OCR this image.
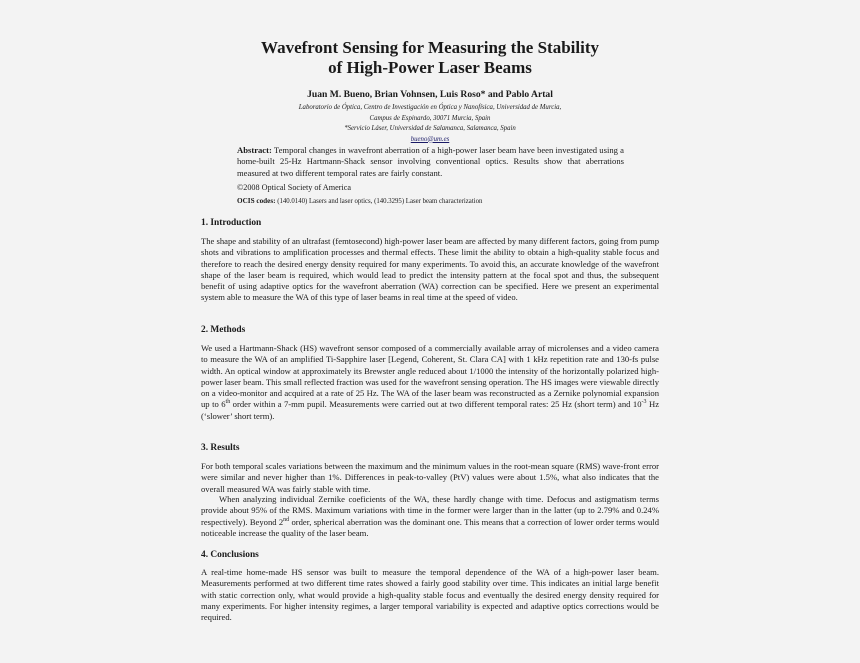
Wavefront Sensing for Measuring the Stability
of High-Power Laser Beams
Juan M. Bueno, Brian Vohnsen, Luis Roso* and Pablo Artal
Laboratorio de Óptica, Centro de Investigación en Óptica y Nanofísica, Universidad de Murcia,
Campus de Espinardo, 30071 Murcia, Spain
*Servicio Láser, Universidad de Salamanca, Salamanca, Spain
bueno@um.es
Abstract: Temporal changes in wavefront aberration of a high-power laser beam have been investigated using a home-built 25-Hz Hartmann-Shack sensor involving conventional optics. Results show that aberrations measured at two different temporal rates are fairly constant.
©2008 Optical Society of America
OCIS codes: (140.0140) Lasers and laser optics, (140.3295) Laser beam characterization
1. Introduction
The shape and stability of an ultrafast (femtosecond) high-power laser beam are affected by many different factors, going from pump shots and vibrations to amplification processes and thermal effects. These limit the ability to obtain a high-quality stable focus and therefore to reach the desired energy density required for many experiments. To avoid this, an accurate knowledge of the wavefront shape of the laser beam is required, which would lead to predict the intensity pattern at the focal spot and thus, the subsequent benefit of using adaptive optics for the wavefront aberration (WA) correction can be specified. Here we present an experimental system able to measure the WA of this type of laser beams in real time at the speed of video.
2. Methods
We used a Hartmann-Shack (HS) wavefront sensor composed of a commercially available array of microlenses and a video camera to measure the WA of an amplified Ti-Sapphire laser [Legend, Coherent, St. Clara CA] with 1 kHz repetition rate and 130-fs pulse width. An optical window at approximately its Brewster angle reduced about 1/1000 the intensity of the horizontally polarized high-power laser beam. This small reflected fraction was used for the wavefront sensing operation. The HS images were viewable directly on a video-monitor and acquired at a rate of 25 Hz. The WA of the laser beam was reconstructed as a Zernike polynomial expansion up to 6th order within a 7-mm pupil. Measurements were carried out at two different temporal rates: 25 Hz (short term) and $10^{-3}$ Hz (‘slower’ short term).
3. Results
For both temporal scales variations between the maximum and the minimum values in the root-mean square (RMS) wave-front error were similar and never higher than 1%. Differences in peak-to-valley (PtV) values were about 1.5%, what also indicates that the overall measured WA was fairly stable with time.
When analyzing individual Zernike coeficients of the WA, these hardly change with time. Defocus and astigmatism terms provide about 95% of the RMS. Maximum variations with time in the former were larger than in the latter (up to 2.79% and 0.24% respectively). Beyond 2nd order, spherical aberration was the dominant one. This means that a correction of lower order terms would noticeable increase the quality of the laser beam.
4. Conclusions
A real-time home-made HS sensor was built to measure the temporal dependence of the WA of a high-power laser beam. Measurements performed at two different time rates showed a fairly good stability over time. This indicates an initial large benefit with static correction only, what would provide a high-quality stable focus and eventually the desired energy density required for many experiments. For higher intensity regimes, a larger temporal variability is expected and adaptive optics corrections would be required.
